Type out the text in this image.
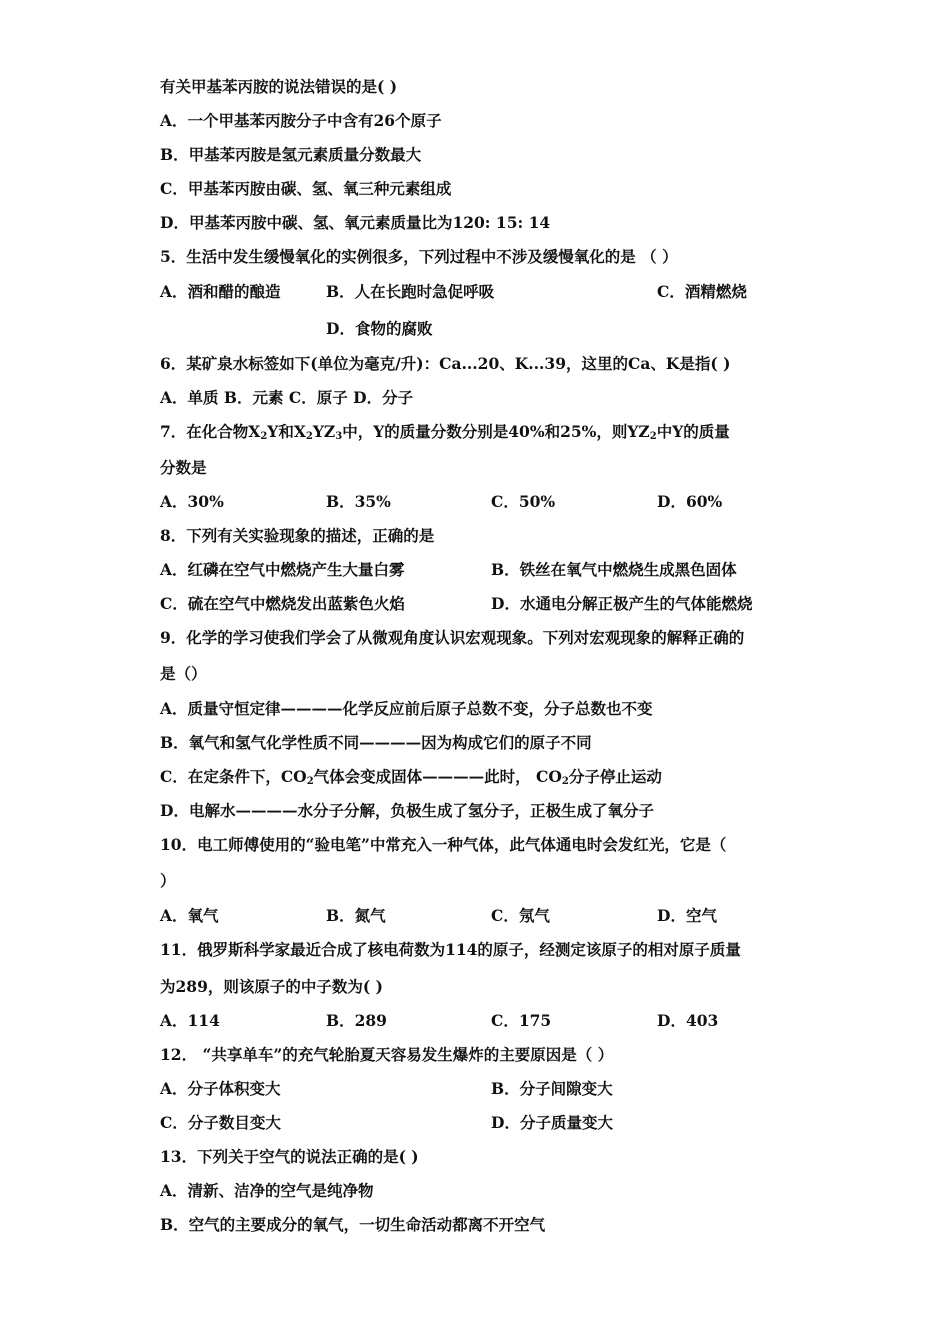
有关甲基苯丙胺的说法错误的是( )
A．一个甲基苯丙胺分子中含有26个原子
B．甲基苯丙胺是氢元素质量分数最大
C．甲基苯丙胺由碳、氢、氧三种元素组成
D．甲基苯丙胺中碳、氢、氧元素质量比为120: 15: 14
5．生活中发生缓慢氧化的实例很多，下列过程中不涉及缓慢氧化的是 （ ）
A．酒和醋的酿造	B．人在长跑时急促呼吸	C．酒精燃烧
D．食物的腐败
6．某矿泉水标签如下(单位为毫克/升)：Ca...20、K...39，这里的Ca、K是指( )
A．单质 B．元素 C．原子 D．分子
7．在化合物$X_2Y$和$X_2YZ_3$中，Y的质量分数分别是40%和25%，则$YZ_2$中Y的质量
分数是
A．30%	B．35%	C．50%	D．60%
8．下列有关实验现象的描述，正确的是
A．红磷在空气中燃烧产生大量白雾	B．铁丝在氧气中燃烧生成黑色固体
C．硫在空气中燃烧发出蓝紫色火焰	D．水通电分解正极产生的气体能燃烧
9．化学的学习使我们学会了从微观角度认识宏观现象。下列对宏观现象的解释正确的
是（）
A．质量守恒定律————化学反应前后原子总数不变，分子总数也不变
B．氧气和氢气化学性质不同————因为构成它们的原子不同
C．在定条件下，$CO_2$气体会变成固体————此时， $CO_2$分子停止运动
D．电解水————水分子分解，负极生成了氢分子，正极生成了氧分子
10．电工师傅使用的“验电笔”中常充入一种气体，此气体通电时会发红光，它是（
）
A．氧气	B．氮气	C．氖气	D．空气
11．俄罗斯科学家最近合成了核电荷数为114的原子，经测定该原子的相对原子质量
为289，则该原子的中子数为( )
A．114	B．289	C．175	D．403
12． “共享单车”的充气轮胎夏天容易发生爆炸的主要原因是（ ）
A．分子体积变大	B．分子间隙变大
C．分子数目变大	D．分子质量变大
13．下列关于空气的说法正确的是( )
A．清新、洁净的空气是纯净物
B．空气的主要成分的氧气，一切生命活动都离不开空气
